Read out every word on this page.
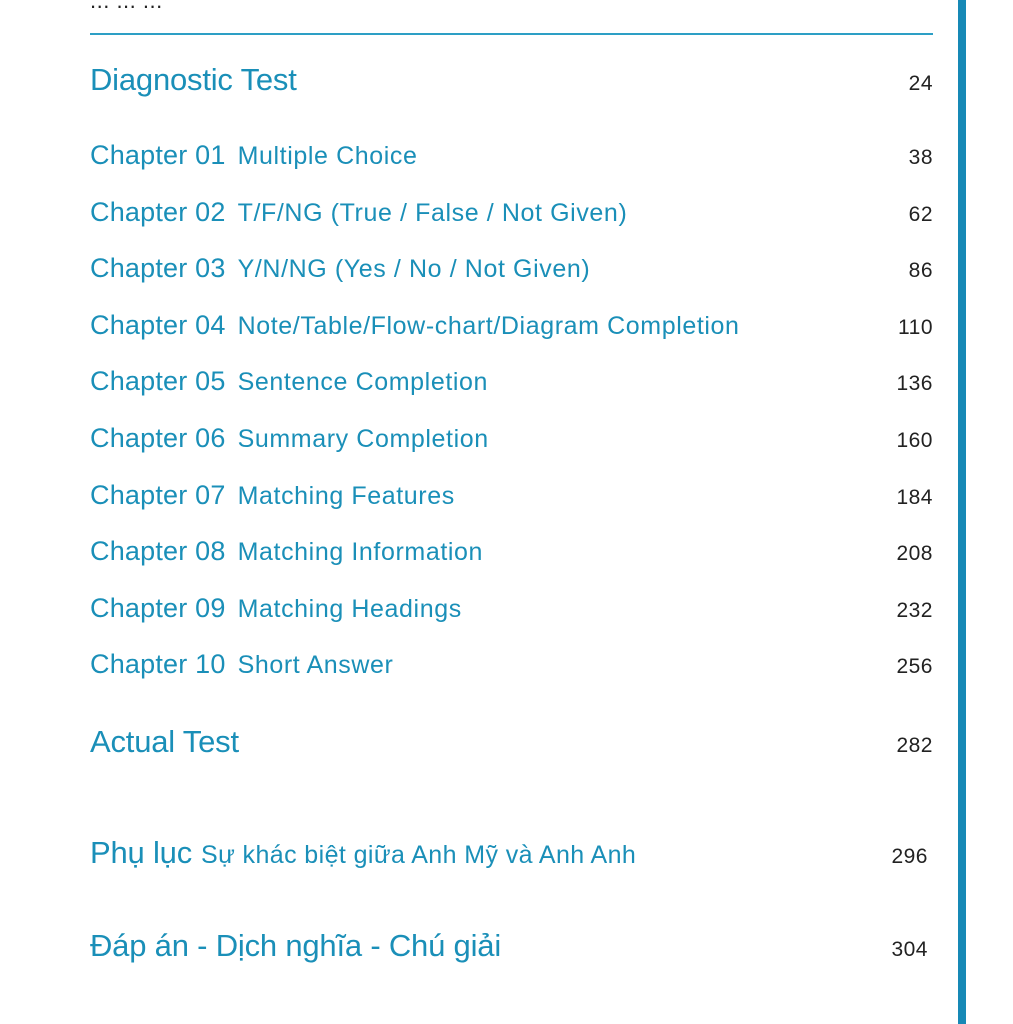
... ... ...
Diagnostic Test	24
Chapter 01 Multiple Choice	38
Chapter 02 T/F/NG (True / False / Not Given)	62
Chapter 03 Y/N/NG (Yes / No / Not Given)	86
Chapter 04 Note/Table/Flow-chart/Diagram Completion	110
Chapter 05 Sentence Completion	136
Chapter 06 Summary Completion	160
Chapter 07 Matching Features	184
Chapter 08 Matching Information	208
Chapter 09 Matching Headings	232
Chapter 10 Short Answer	256
Actual Test	282
Phụ lục Sự khác biệt giữa Anh Mỹ và Anh Anh	296
Đáp án - Dịch nghĩa - Chú giải	304
